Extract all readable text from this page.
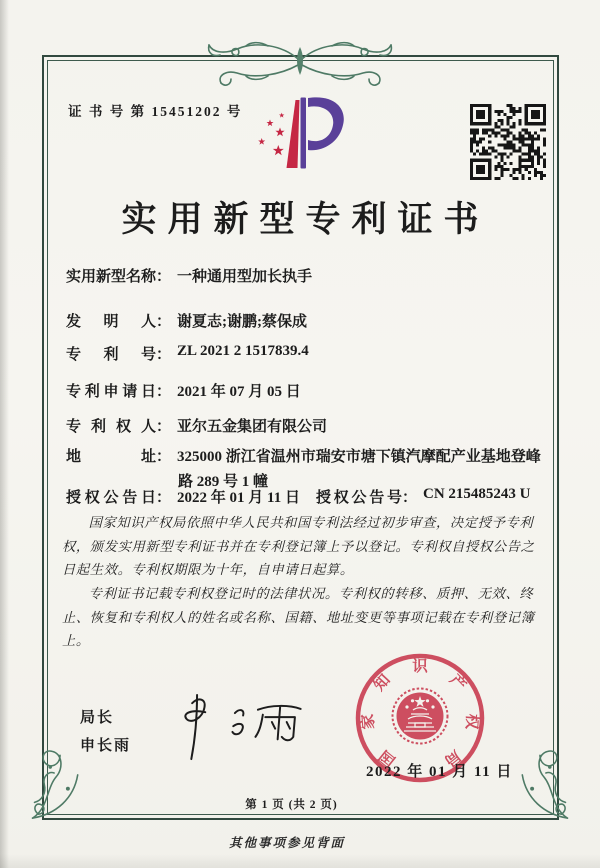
证 书 号 第 15451202 号
实用新型专利证书
实用新型名称： 一种通用型加长执手
发明人： 谢夏志;谢鹏;蔡保成
专利号： ZL 2021 2 1517839.4
专利申请日： 2021 年 07 月 05 日
专利权人： 亚尔五金集团有限公司
地址： 325000 浙江省温州市瑞安市塘下镇汽摩配产业基地登峰
路 289 号 1 幢
授权公告日： 2022 年 01 月 11 日 授权公告号： CN 215485243 U

国家知识产权局依照中华人民共和国专利法经过初步审查，决定授予专利权，颁发实用新型专利证书并在专利登记簿上予以登记。专利权自授权公告之日起生效。专利权期限为十年，自申请日起算。

专利证书记载专利权登记时的法律状况。专利权的转移、质押、无效、终止、恢复和专利权人的姓名或名称、国籍、地址变更等事项记载在专利登记簿上。

局长
申长雨
国
家
知
识
产
权
局
2022 年 01 月 11 日
第 1 页 (共 2 页)
其他事项参见背面
